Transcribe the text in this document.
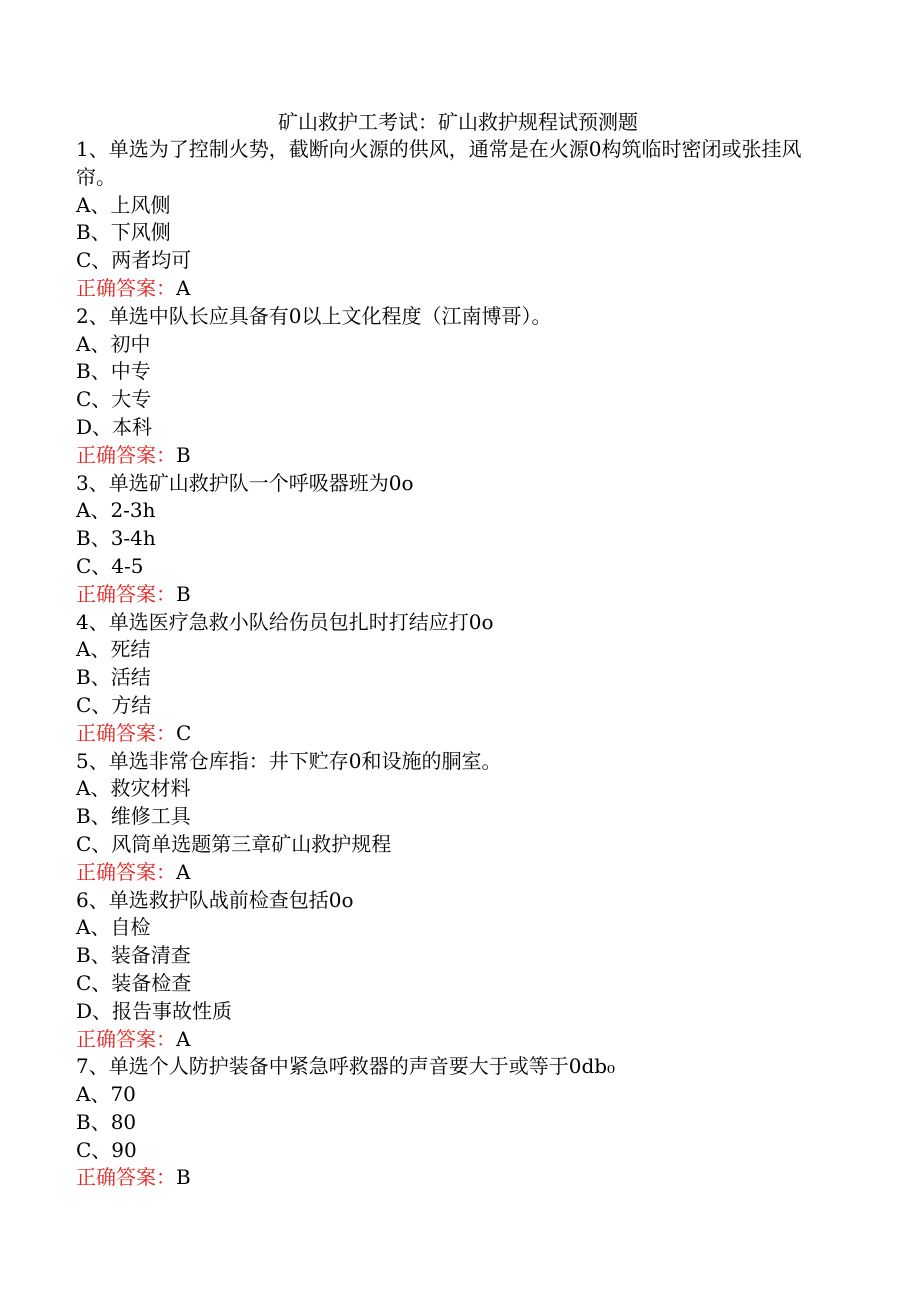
矿山救护工考试：矿山救护规程试预测题

1、单选为了控制火势，截断向火源的供风，通常是在火源0构筑临时密闭或张挂风帘。

A、上风侧

B、下风侧

C、两者均可

正确答案：A

2、单选中队长应具备有0以上文化程度（江南博哥）。

A、初中

B、中专

C、大专

D、本科

正确答案：B

3、单选矿山救护队一个呼吸器班为0o

A、2-3h

B、3-4h

C、4-5

正确答案：B

4、单选医疗急救小队给伤员包扎时打结应打0o

A、死结

B、活结

C、方结

正确答案：C

5、单选非常仓库指：井下贮存0和设施的胴室。

A、救灾材料

B、维修工具

C、风筒单选题第三章矿山救护规程

正确答案：A

6、单选救护队战前检查包括0o

A、自检

B、装备清查

C、装备检查

D、报告事故性质

正确答案：A

7、单选个人防护装备中紧急呼救器的声音要大于或等于0db₀

A、70

B、80

C、90

正确答案：B
